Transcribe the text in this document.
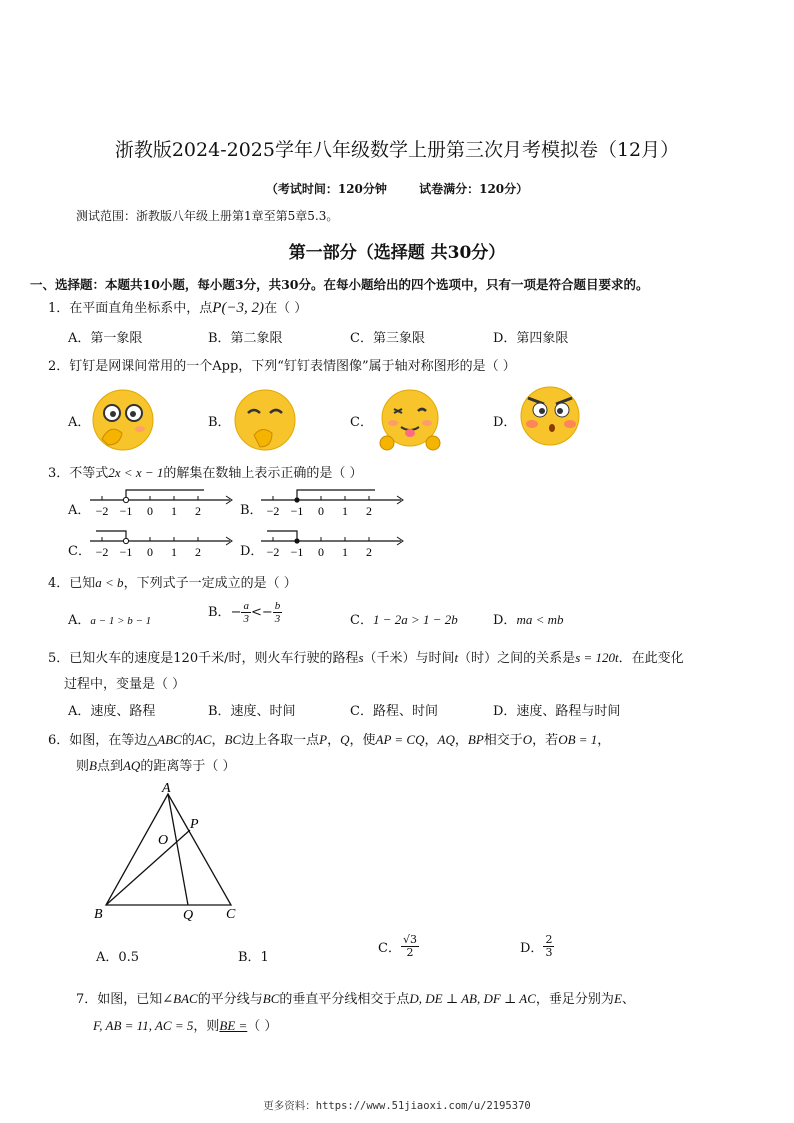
浙教版2024-2025学年八年级数学上册第三次月考模拟卷（12月）
（考试时间：120分钟	试卷满分：120分）
测试范围：浙教版八年级上册第1章至第5章5.3。
第一部分（选择题 共30分）
一、选择题：本题共10小题，每小题3分，共30分。在每小题给出的四个选项中，只有一项是符合题目要求的。
1．在平面直角坐标系中，点P(−3, 2)在（ ）
A．第一象限	B．第二象限	C．第三象限	D．第四象限
2．钉钉是网课间常用的一个App，下列“钉钉表情图像”属于轴对称图形的是（ ）
A．	B．	C．	D．
3．不等式2x < x − 1的解集在数轴上表示正确的是（ ）
A．	B．
C．	D．
−2 −1 0 1 2	−2 −1 0 1 2
−2 −1 0 1 2	−2 −1 0 1 2
4．已知a < b，下列式子一定成立的是（ ）
A．a − 1 > b − 1
B．− $\frac{a}{3} <- \frac{b}{3}$	C．1 − 2a > 1 − 2b	D．ma < mb
5．已知火车的速度是120千米/时，则火车行驶的路程s（千米）与时间t（时）之间的关系是s = 120t．在此变化
过程中，变量是（ ）
A．速度、路程	B．速度、时间	C．路程、时间	D．速度、路程与时间
6．如图，在等边△ABC的AC，BC边上各取一点P，Q，使AP = CQ，AQ，BP相交于O，若OB = 1，
则B点到AQ的距离等于（ ）
A
B	C
P
O
Q
A．0.5	B．1
C． $\frac{√3}{2}$	D． $\frac{2}{3}$
7．如图，已知∠BAC的平分线与BC的垂直平分线相交于点D, DE ⊥ AB, DF ⊥ AC，垂足分别为E、
F, AB = 11, AC = 5，则BE =（ ）
更多资料：https://www.51jiaoxi.com/u/2195370
